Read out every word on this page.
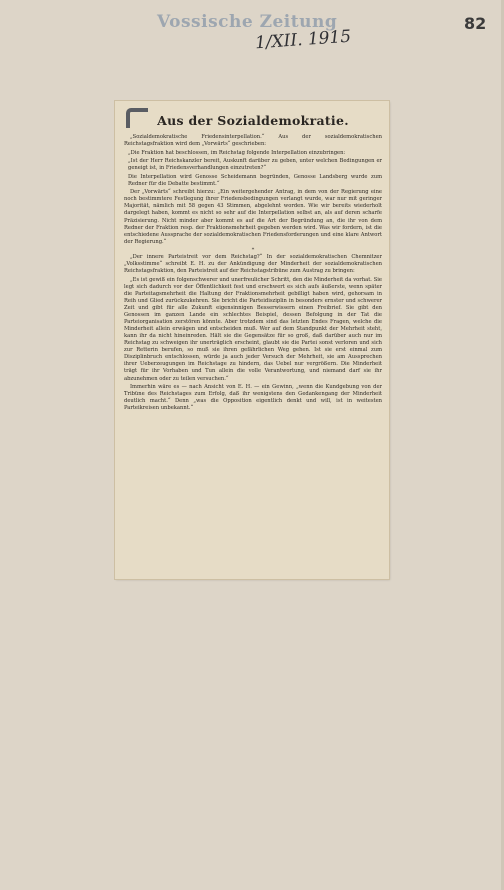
Vossische Zeitung	82
1/XII. 1915
Aus der Sozialdemokratie.

„Sozialdemokratische Friedensinterpellation.“ Aus der sozialdemokratischen Reichstagsfraktion wird dem „Vorwärts“ geschrieben:

„Die Fraktion hat beschlossen, im Reichstag folgende Interpellation einzubringen:

„Ist der Herr Reichskanzler bereit, Auskunft darüber zu geben, unter welchen Bedingungen er geneigt ist, in Friedensverhandlungen einzutreten?“

Die Interpellation wird Genosse Scheidemann begründen, Genosse Landsberg wurde zum Redner für die Debatte bestimmt.“

Der „Vorwärts“ schreibt hierzu: „Ein weitergehender Antrag, in dem von der Regierung eine noch bestimmtere Festlegung ihrer Friedensbedingungen verlangt wurde, war nur mit geringer Majorität, nämlich mit 58 gegen 43 Stimmen, abgelehnt worden. Wie wir bereits wiederholt dargelegt haben, kommt es nicht so sehr auf die Interpellation selbst an, als auf deren scharfe Präzisierung. Nicht minder aber kommt es auf die Art der Begründung an, die ihr von dem Redner der Fraktion resp. der Fraktionsmehrheit gegeben werden wird. Was wir fordern, ist die entschiedene Aussprache der sozialdemokratischen Friedensforderungen und eine klare Antwort der Regierung.“

*

„Der innere Parteistreit vor dem Reichstag?“ In der sozialdemokratischen Chemnitzer „Volksstimme“ schreibt E. H. zu der Ankündigung der Minderheit der sozialdemokratischen Reichstagsfraktion, den Parteistreit auf der Reichstagstribüne zum Austrag zu bringen:

„Es ist gewiß ein folgenschwerer und unerfreulicher Schritt, den die Minderheit da vorhat. Sie legt sich dadurch vor der Öffentlichkeit fest und erschwert es sich aufs äußerste, wenn später die Parteitagsmehrheit die Haltung der Fraktionsmehrheit gebilligt haben wird, gehorsam in Reih und Glied zurückzukehren. Sie bricht die Parteidisziplin in besonders ernster und schwerer Zeit und gibt für alle Zukunft eigensinnigen Besserwissern einen Freibrief. Sie gibt den Genossen im ganzen Lande ein schlechtes Beispiel, dessen Befolgung in der Tat die Parteiorganisation zerstören könnte. Aber trotzdem sind das letzten Endes Fragen, welche die Minderheit allein erwägen und entscheiden muß. Wer auf dem Standpunkt der Mehrheit steht, kann ihr da nicht hineinreden. Hält sie die Gegensätze für so groß, daß darüber auch nur im Reichstag zu schweigen ihr unerträglich erscheint, glaubt sie die Partei sonst verloren und sich zur Retterin berufen, so muß sie ihren gefährlichen Weg gehen. Ist sie erst einmal zum Disziplinbruch entschlossen, würde ja auch jeder Versuch der Mehrheit, sie am Aussprechen ihrer Ueberzeugungen im Reichstage zu hindern, das Uebel nur vergrößern. Die Minderheit trägt für ihr Vorhaben und Tun allein die volle Verantwortung, und niemand darf sie ihr abzunehmen oder zu teilen versuchen.“

Immerhin wäre es — nach Ansicht von E. H. — ein Gewinn, „wenn die Kundgebung von der Tribüne des Reichstages zum Erfolg, daß ihr wenigstens den Gedankengang der Minderheit deutlich macht.“ Denn „was die Opposition eigentlich denkt und will, ist in weitesten Parteikreisen unbekannt.“
